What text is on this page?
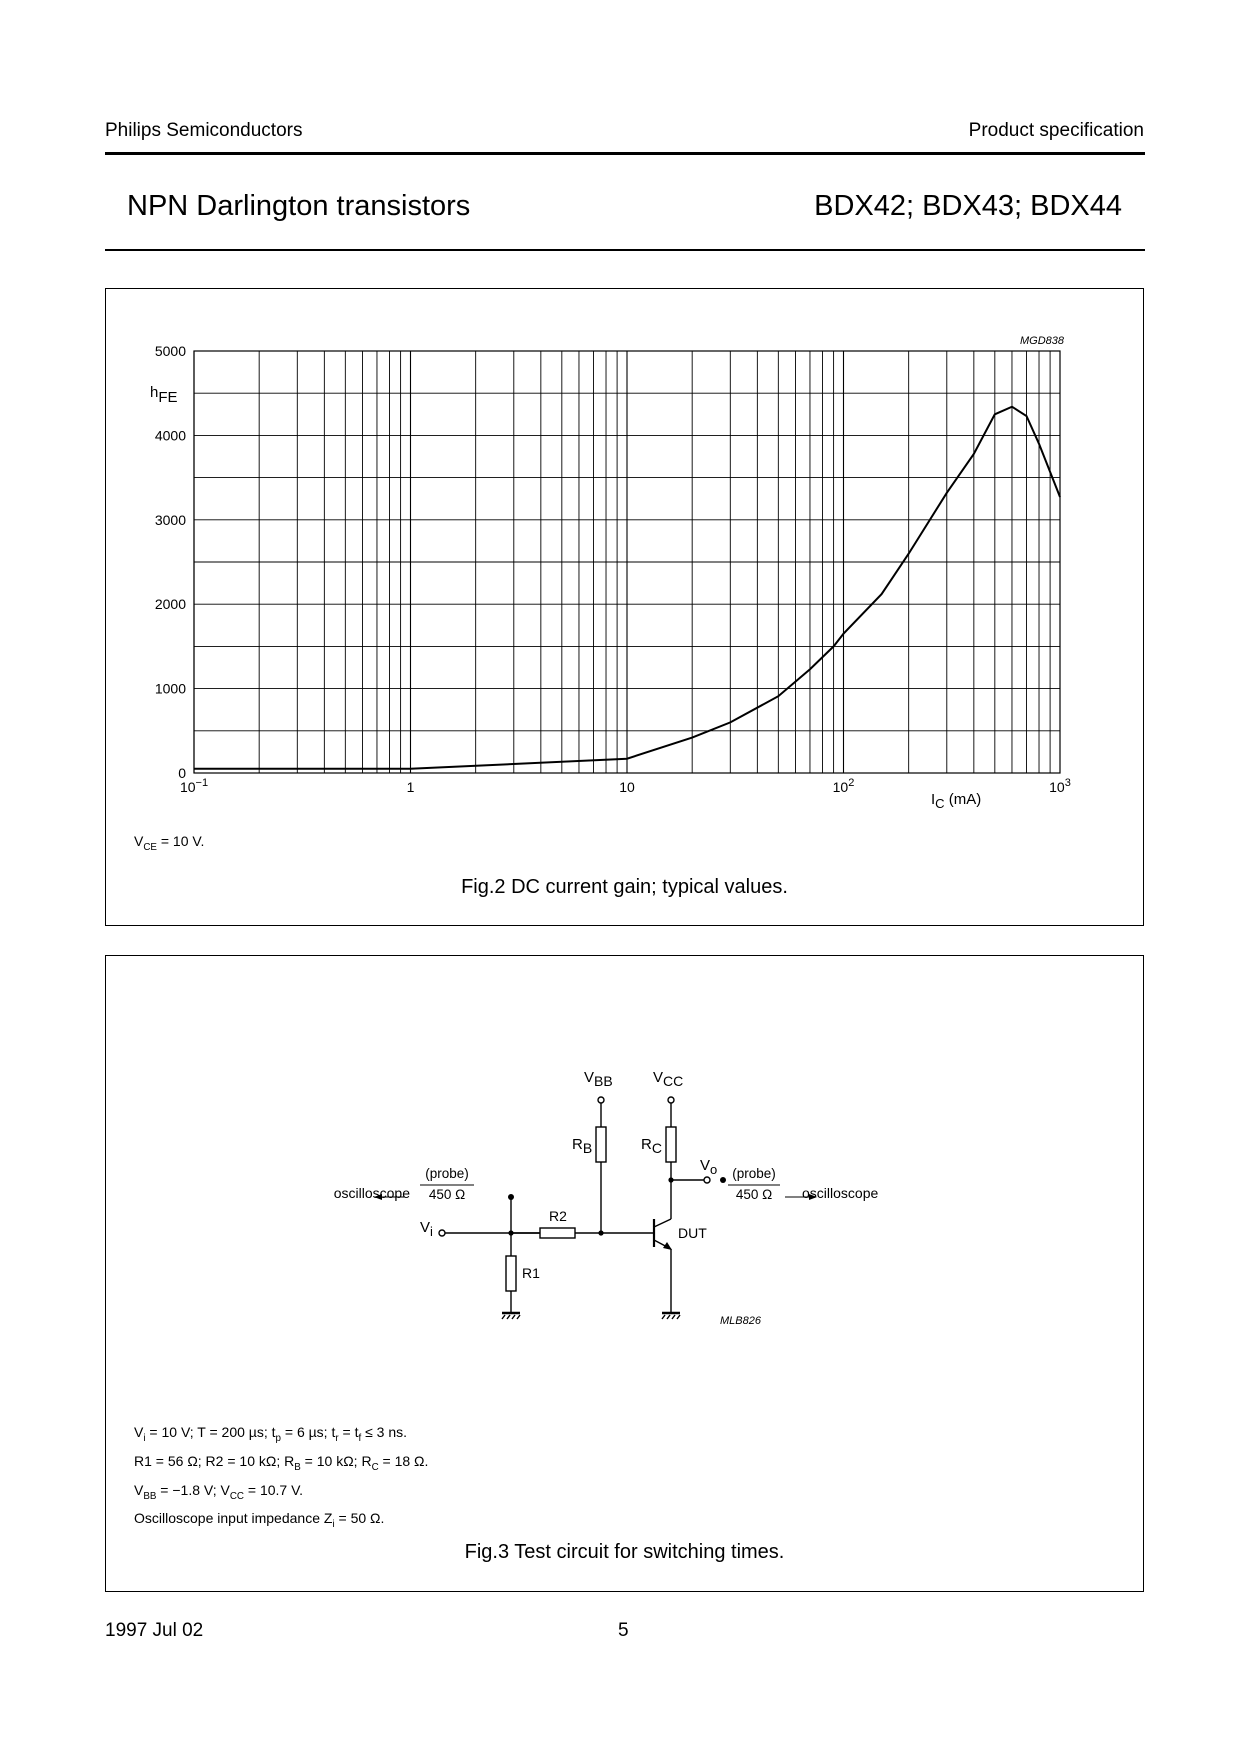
Philips Semiconductors	Product specification
NPN Darlington transistors	BDX42; BDX43; BDX44
5000
4000
3000
2000
1000
0
$10^{-1}$	1	10	$10^2$	$10^3$
MGD838
hFE
IC (mA)
$V_{CE} = 10$ V.
Fig.2 DC current gain; typical values.
VBB	VCC
RB	RC
Vo
Vi
R1
R2
DUT
(probe)
450 Ω
(probe)
450 Ω
oscilloscope	oscilloscope
MLB826
$V_i = 10$ V; T = 200 µs; $t_p = 6$ µs; $t_r = t_f \le 3$ ns.
R1 = 56 Ω; R2 = 10 kΩ; $R_B = 10$ kΩ; $R_C = 18$ Ω.
$V_{BB} = -1.8$ V; $V_{CC} = 10.7$ V.
Oscilloscope input impedance $Z_i = 50$ Ω.
Fig.3 Test circuit for switching times.
1997 Jul 02	5
